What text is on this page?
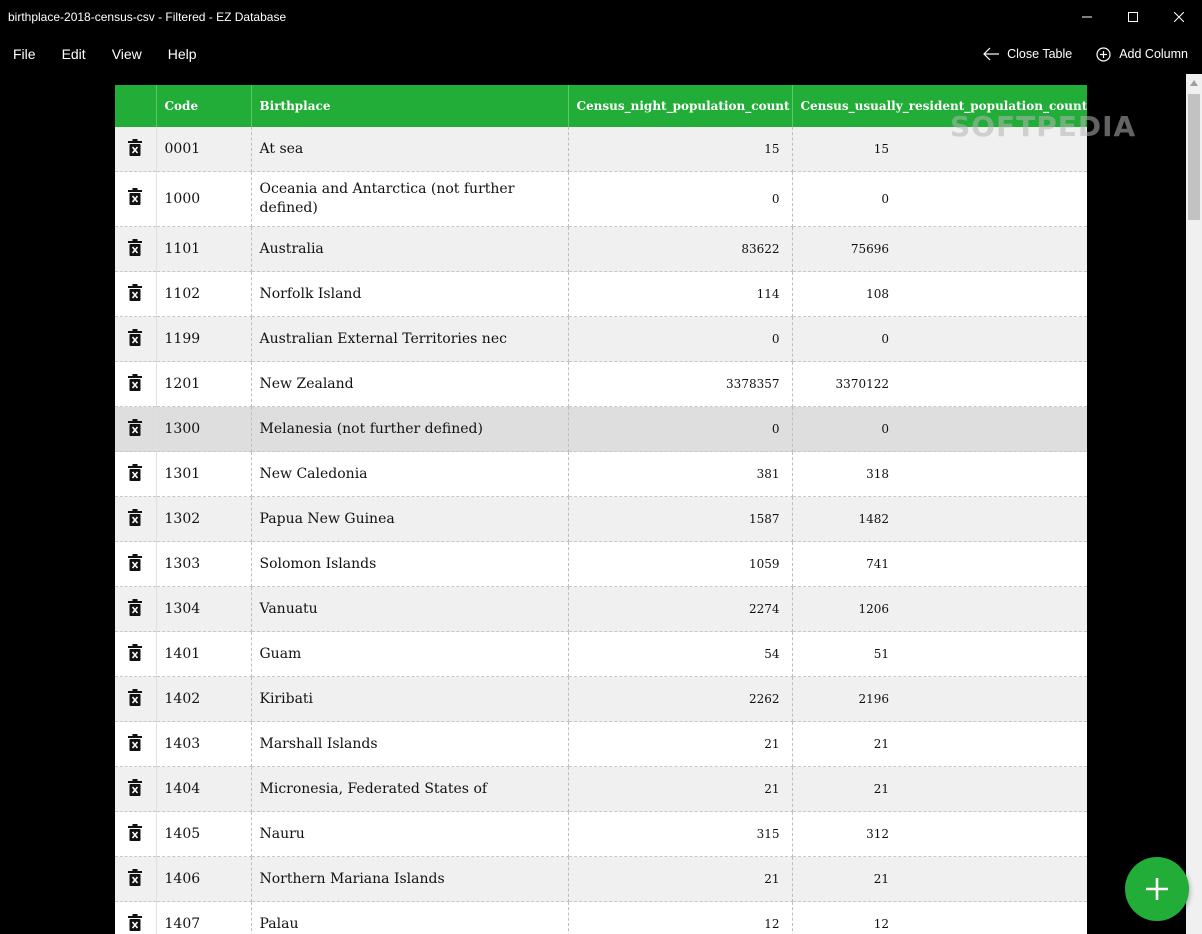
birthplace-2018-census-csv - Filtered - EZ Database
File	Edit	View	Help	Close Table	Add Column
	Code	Birthplace	Census_night_population_count	Census_usually_resident_population_count
	0001	At sea	15	15
	1000	Oceania and Antarctica (not further defined)	0	0
	1101	Australia	83622	75696
	1102	Norfolk Island	114	108
	1199	Australian External Territories nec	0	0
	1201	New Zealand	3378357	3370122
	1300	Melanesia (not further defined)	0	0
	1301	New Caledonia	381	318
	1302	Papua New Guinea	1587	1482
	1303	Solomon Islands	1059	741
	1304	Vanuatu	2274	1206
	1401	Guam	54	51
	1402	Kiribati	2262	2196
	1403	Marshall Islands	21	21
	1404	Micronesia, Federated States of	21	21
	1405	Nauru	315	312
	1406	Northern Mariana Islands	21	21
	1407	Palau	12	12
SOFTPEDIA
